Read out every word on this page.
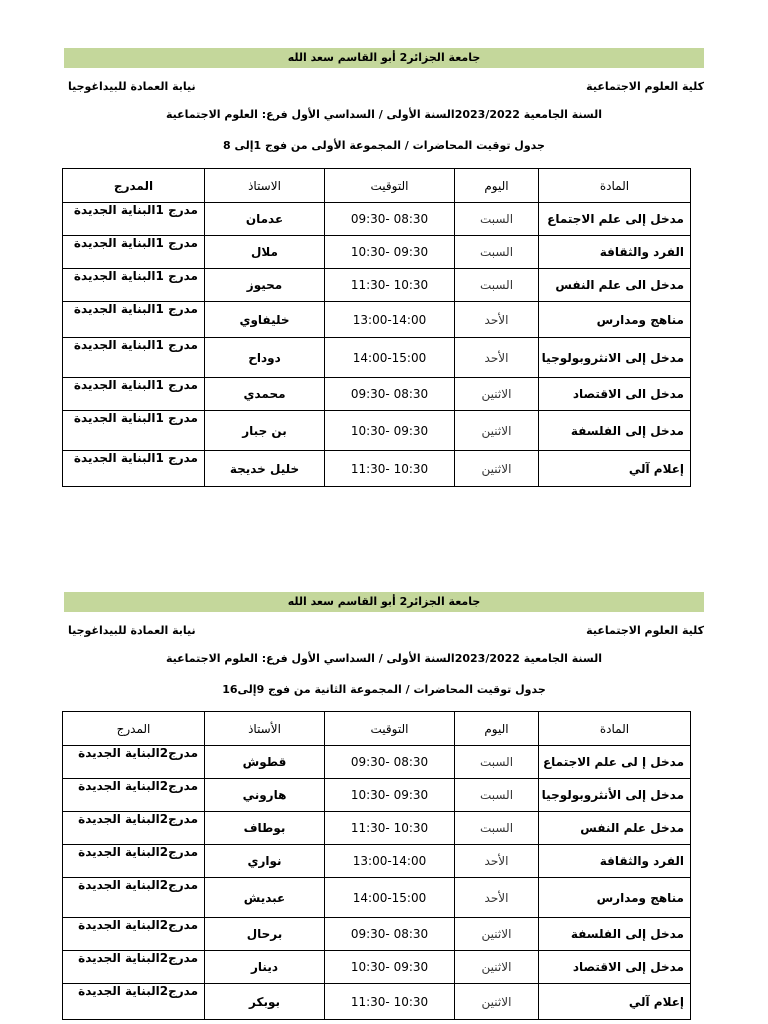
جامعة الجزائر2 أبو القاسم سعد الله
كلية العلوم الاجتماعية
نيابة العمادة للبيداغوجيا
السنة الجامعية 2023/2022السنة الأولى / السداسي الأول فرع: العلوم الاجتماعية
جدول توقيت المحاضرات / المجموعة الأولى من فوج 1إلى 8
المادة	اليوم	التوقيت	الاستاذ	المدرج
مدخل إلى علم الاجتماع	السبت	08:30 -09:30	عدمان	مدرج 1البناية الجديدة
الفرد والثقافة	السبت	09:30 -10:30	ملال	مدرج 1البناية الجديدة
مدخل الى علم النفس	السبت	10:30 -11:30	محيوز	مدرج 1البناية الجديدة
مناهج ومدارس	الأحد	13:00-14:00	خليفاوي	مدرج 1البناية الجديدة
مدخل إلى الانثروبولوجيا	الأحد	14:00-15:00	دوداح	مدرج 1البناية الجديدة
مدخل الى الاقتصاد	الاثنين	08:30 -09:30	محمدي	مدرج 1البناية الجديدة
مدخل إلى الفلسفة	الاثنين	09:30 -10:30	بن جبار	مدرج 1البناية الجديدة
إعلام آلي	الاثنين	10:30 -11:30	خليل خديجة	مدرج 1البناية الجديدة
جامعة الجزائر2 أبو القاسم سعد الله
كلية العلوم الاجتماعية
نيابة العمادة للبيداغوجيا
السنة الجامعية 2023/2022السنة الأولى / السداسي الأول فرع: العلوم الاجتماعية
جدول توقيت المحاضرات / المجموعة الثانية من فوج 9إلى16
المادة	اليوم	التوقيت	الأستاذ	المدرج
مدخل إ لى علم الاجتماع	السبت	08:30 -09:30	قطوش	مدرج2البناية الجديدة
مدخل إلى الأنثروبولوجيا	السبت	09:30 -10:30	هاروني	مدرج2البناية الجديدة
مدخل علم النفس	السبت	10:30 -11:30	بوطاف	مدرج2البناية الجديدة
الفرد والثقافة	الأحد	13:00-14:00	نواري	مدرج2البناية الجديدة
مناهج ومدارس	الأحد	14:00-15:00	عبديش	مدرج2البناية الجديدة
مدخل إلى الفلسفة	الاثنين	08:30 -09:30	برحال	مدرج2البناية الجديدة
مدخل إلى الاقتصاد	الاثنين	09:30 -10:30	دينار	مدرج2البناية الجديدة
إعلام آلي	الاثنين	10:30 -11:30	بوبكر	مدرج2البناية الجديدة
